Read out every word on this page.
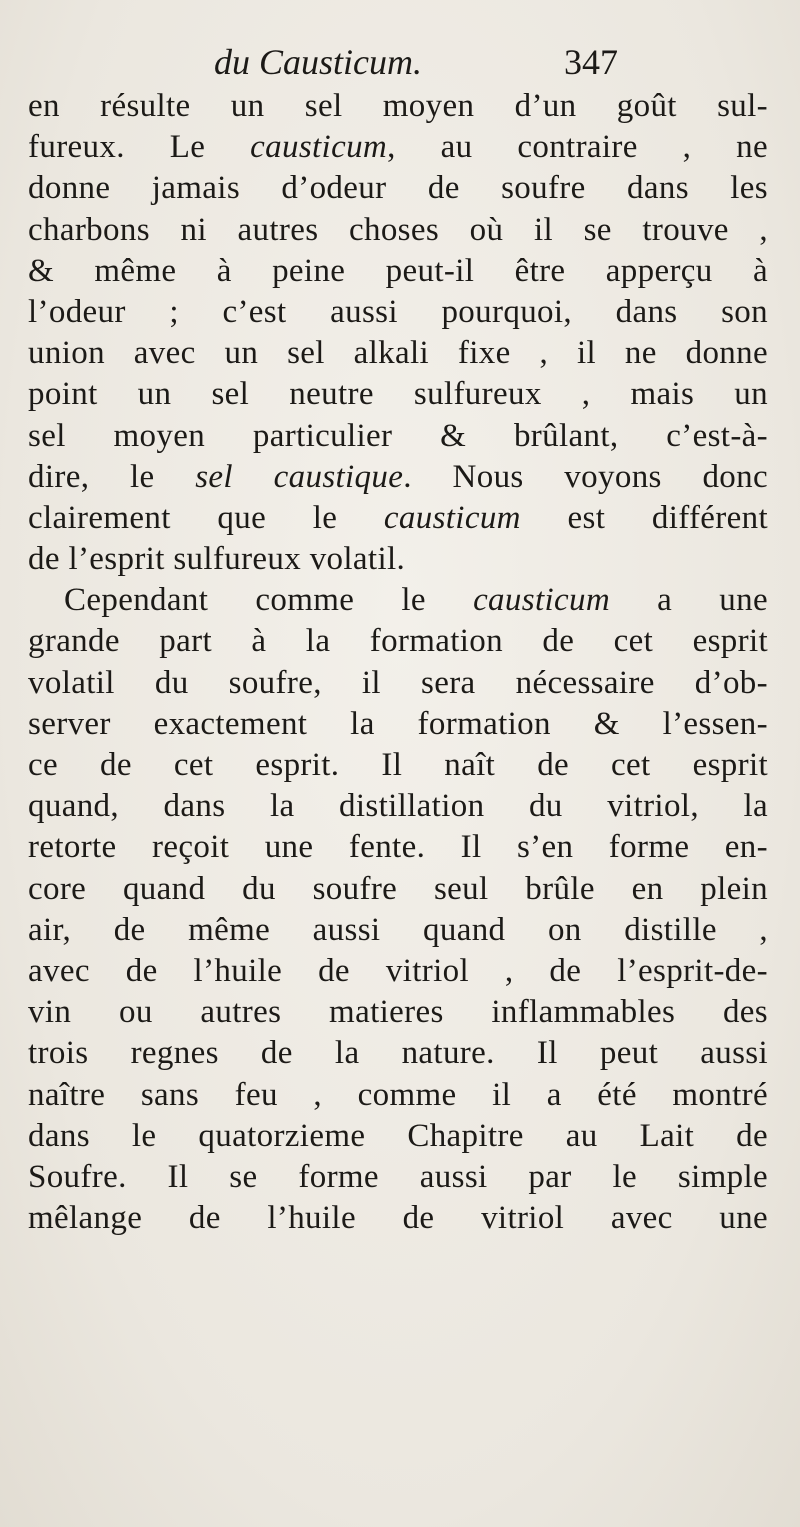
du Causticum.	347
en résulte un sel moyen d’un goût sul-
fureux. Le causticum, au contraire , ne
donne jamais d’odeur de soufre dans les
charbons ni autres choses où il se trouve ,
& même à peine peut-il être apperçu à
l’odeur ; c’est aussi pourquoi, dans son
union avec un sel alkali fixe , il ne donne
point un sel neutre sulfureux , mais un
sel moyen particulier & brûlant, c’est-à-
dire, le sel caustique. Nous voyons donc
clairement que le causticum est différent
de l’esprit sulfureux volatil.
Cependant comme le causticum a une
grande part à la formation de cet esprit
volatil du soufre, il sera nécessaire d’ob-
server exactement la formation & l’essen-
ce de cet esprit. Il naît de cet esprit
quand, dans la distillation du vitriol, la
retorte reçoit une fente. Il s’en forme en-
core quand du soufre seul brûle en plein
air, de même aussi quand on distille ,
avec de l’huile de vitriol , de l’esprit-de-
vin ou autres matieres inflammables des
trois regnes de la nature. Il peut aussi
naître sans feu , comme il a été montré
dans le quatorzieme Chapitre au Lait de
Soufre. Il se forme aussi par le simple
mêlange de l’huile de vitriol avec une
